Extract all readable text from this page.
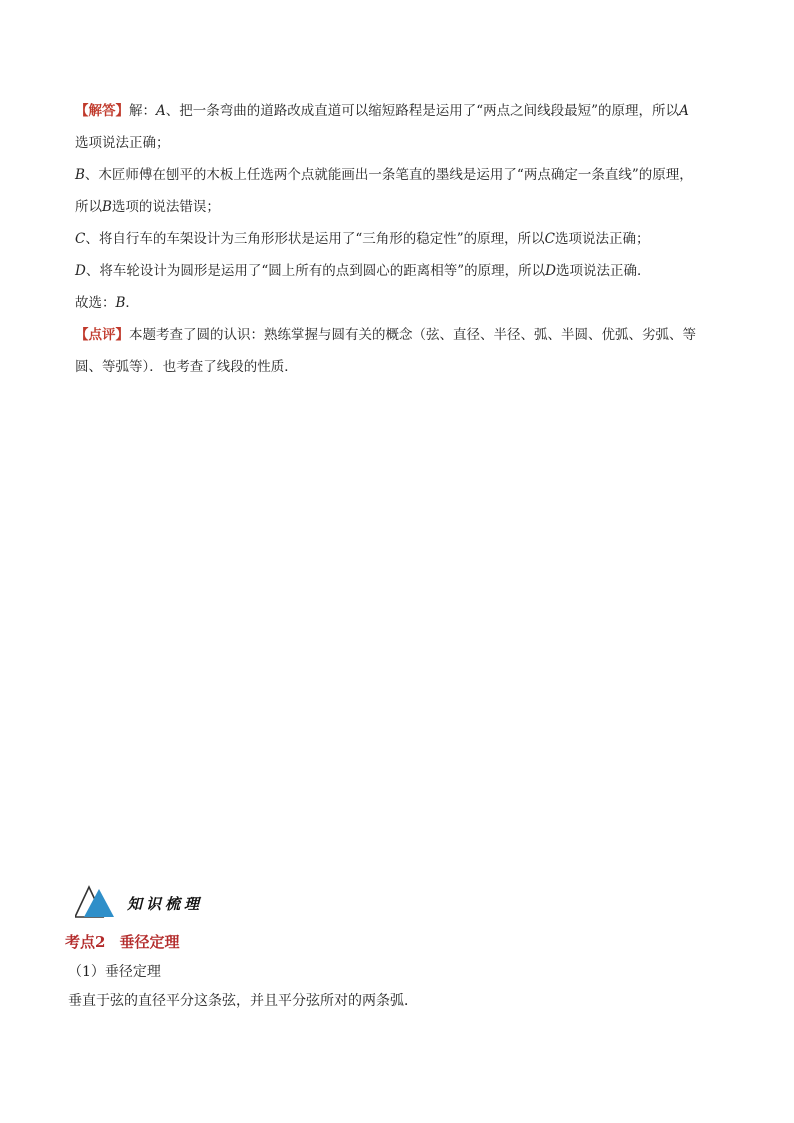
【解答】解：A、把一条弯曲的道路改成直道可以缩短路程是运用了“两点之间线段最短”的原理，所以A
选项说法正确；
B、木匠师傅在刨平的木板上任选两个点就能画出一条笔直的墨线是运用了“两点确定一条直线”的原理，
所以B选项的说法错误；
C、将自行车的车架设计为三角形形状是运用了“三角形的稳定性”的原理，所以C选项说法正确；
D、将车轮设计为圆形是运用了“圆上所有的点到圆心的距离相等”的原理，所以D选项说法正确．
故选：B．
【点评】本题考查了圆的认识：熟练掌握与圆有关的概念（弦、直径、半径、弧、半圆、优弧、劣弧、等
圆、等弧等）．也考查了线段的性质．
知识梳理
考点2 垂径定理
（1）垂径定理
垂直于弦的直径平分这条弦，并且平分弦所对的两条弧．
